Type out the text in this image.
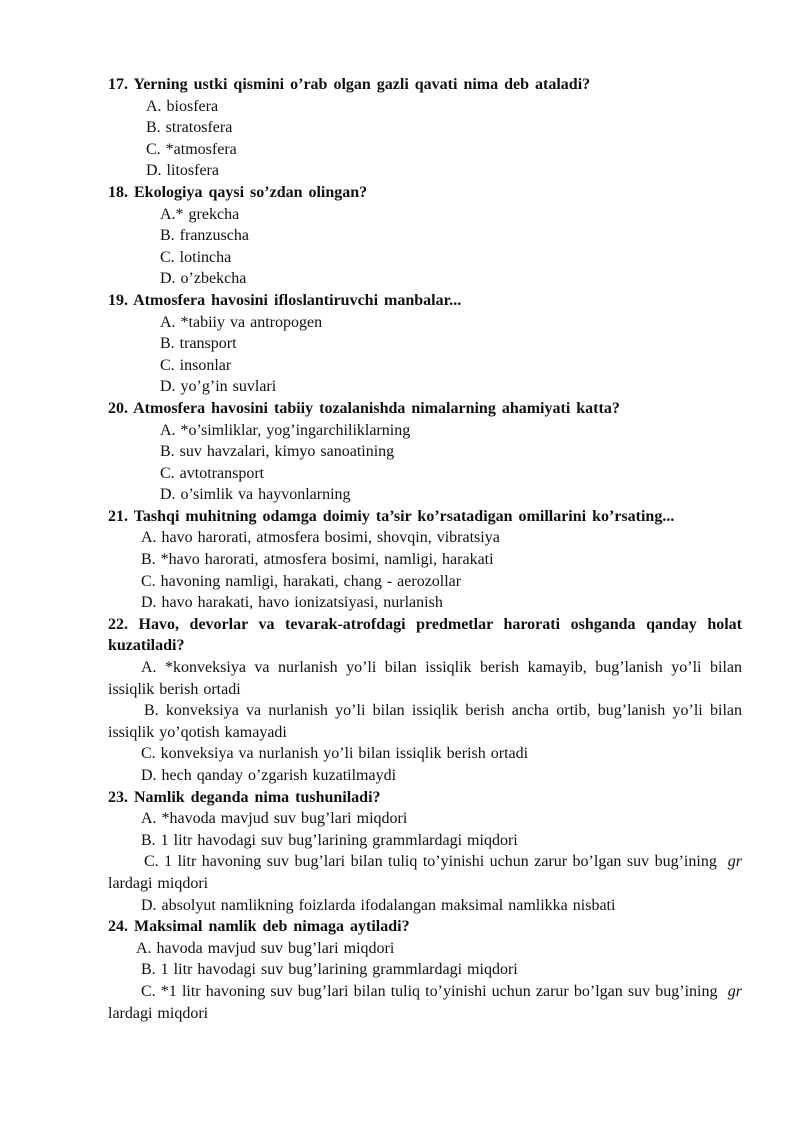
17. Yerning ustki qismini o’rab olgan gazli qavati nima deb ataladi?
A. biosfera
B. stratosfera
C. *atmosfera
D. litosfera
18. Ekologiya qaysi so’zdan olingan?
A.* grekcha
B. franzuscha
C. lotincha
D. o’zbekcha
19. Atmosfera havosini ifloslantiruvchi manbalar...
A. *tabiiy va antropogen
B. transport
C. insonlar
D. yo’g’in suvlari
20. Atmosfera havosini tabiiy tozalanishda nimalarning ahamiyati katta?
A. *o’simliklar, yog’ingarchiliklarning
B. suv havzalari, kimyo sanoatining
C. avtotransport
D. o’simlik va hayvonlarning
21. Tashqi muhitning odamga doimiy ta’sir ko’rsatadigan omillarini ko’rsating...
A. havo harorati, atmosfera bosimi, shovqin, vibratsiya
B. *havo harorati, atmosfera bosimi, namligi, harakati
C. havoning namligi, harakati, chang - aerozollar
D. havo harakati, havo ionizatsiyasi, nurlanish
22. Havo, devorlar va tevarak-atrofdagi predmetlar harorati oshganda qanday holat kuzatiladi?
A. *konveksiya va nurlanish yo’li bilan issiqlik berish kamayib, bug’lanish yo’li bilan issiqlik berish ortadi
B. konveksiya va nurlanish yo’li bilan issiqlik berish ancha ortib, bug’lanish yo’li bilan issiqlik yo’qotish kamayadi
C. konveksiya va nurlanish yo’li bilan issiqlik berish ortadi
D. hech qanday o’zgarish kuzatilmaydi
23. Namlik deganda nima tushuniladi?
A. *havoda mavjud suv bug’lari miqdori
B. 1 litr havodagi suv bug’larining grammlardagi miqdori
C. 1 litr havoning suv bug’lari bilan tuliq to’yinishi uchun zarur bo’lgan suv bug’ining gr lardagi miqdori
D. absolyut namlikning foizlarda ifodalangan maksimal namlikka nisbati
24. Maksimal namlik deb nimaga aytiladi?
A. havoda mavjud suv bug’lari miqdori
B. 1 litr havodagi suv bug’larining grammlardagi miqdori
C. *1 litr havoning suv bug’lari bilan tuliq to’yinishi uchun zarur bo’lgan suv bug’ining gr lardagi miqdori
